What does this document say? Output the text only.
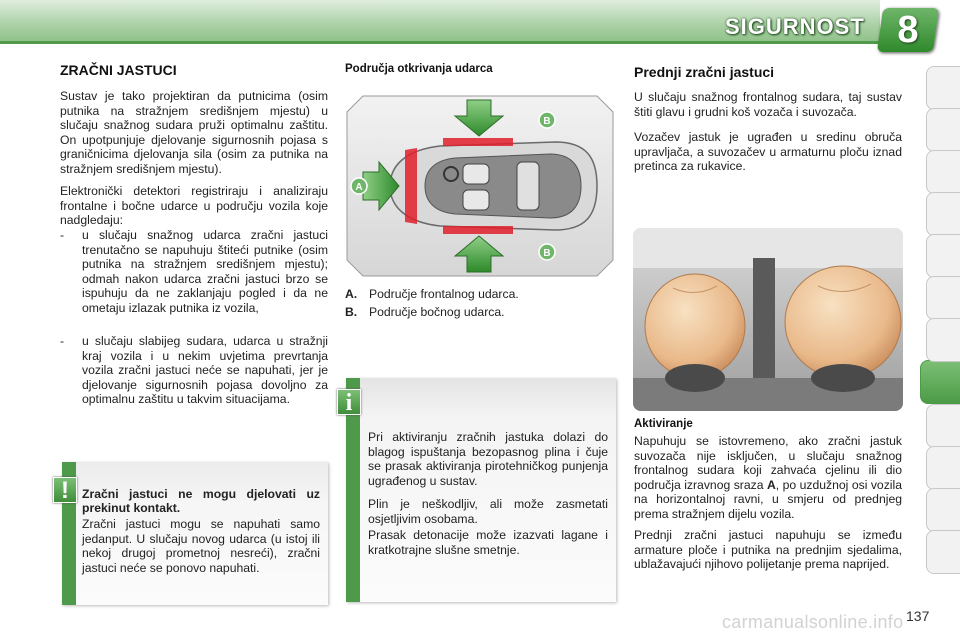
SIGURNOST 8
ZRAČNI JASTUCI
Sustav je tako projektiran da putnicima (osim putnika na stražnjem središnjem mjestu) u slučaju snažnog sudara pruži optimalnu zaštitu. On upotpunjuje djelovanje sigurnosnih pojasa s graničnicima djelovanja sila (osim za putnika na stražnjem središnjem mjestu).
Elektronički detektori registriraju i analiziraju frontalne i bočne udarce u području vozila koje nadgledaju:
- u slučaju snažnog udarca zračni jastuci trenutačno se napuhuju štiteći putnike (osim putnika na stražnjem središnjem mjestu); odmah nakon udarca zračni jastuci brzo se ispuhuju da ne zaklanjaju pogled i da ne ometaju izlazak putnika iz vozila,
- u slučaju slabijeg sudara, udarca u stražnji kraj vozila i u nekim uvjetima prevrtanja vozila zračni jastuci neće se napuhati, jer je djelovanje sigurnosnih pojasa dovoljno za optimalnu zaštitu u takvim situacijama.
!	Zračni jastuci ne mogu djelovati uz prekinut kontakt.
Zračni jastuci mogu se napuhati samo jedanput. U slučaju novog udarca (u istoj ili nekoj drugoj prometnoj nesreći), zračni jastuci neće se ponovo napuhati.
Područja otkrivanja udarca
A
B
B
A. Područje frontalnog udarca.
B. Područje bočnog udarca.
i
Pri aktiviranju zračnih jastuka dolazi do blagog ispuštanja bezopasnog plina i čuje se prasak aktiviranja pirotehničkog punjenja ugrađenog u sustav.
Plin je neškodljiv, ali može zasmetati osjetljivim osobama.
Prasak detonacije može izazvati lagane i kratkotrajne slušne smetnje.
Prednji zračni jastuci
U slučaju snažnog frontalnog sudara, taj sustav štiti glavu i grudni koš vozača i suvozača.
Vozačev jastuk je ugrađen u sredinu obruča upravljača, a suvozačev u armaturnu ploču iznad pretinca za rukavice.
Aktiviranje
Napuhuju se istovremeno, ako zračni jastuk suvozača nije isključen, u slučaju snažnog frontalnog sudara koji zahvaća cjelinu ili dio područja izravnog sraza A, po uzdužnoj osi vozila na horizontalnoj ravni, u smjeru od prednjeg prema stražnjem dijelu vozila.
Prednji zračni jastuci napuhuju se između armature ploče i putnika na prednjim sjedalima, ublažavajući njihovo polijetanje prema naprijed.
carmanualsonline.info 137
